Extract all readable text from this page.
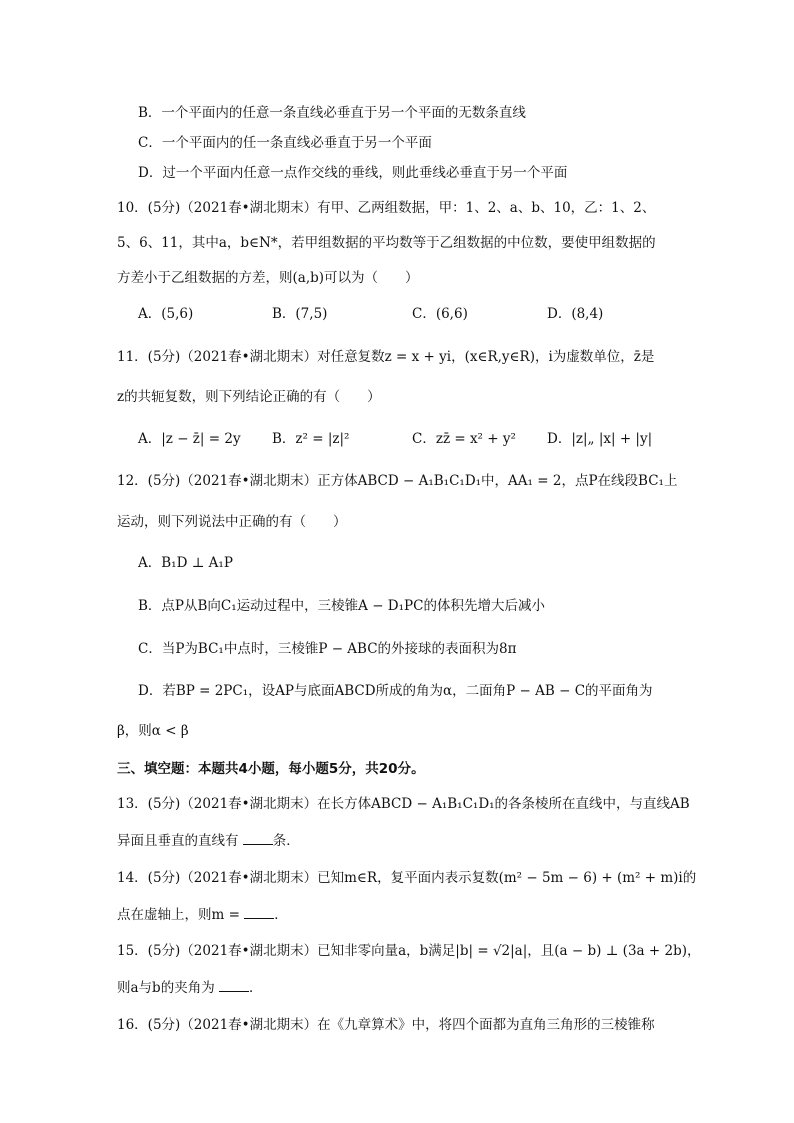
B．一个平面内的任意一条直线必垂直于另一个平面的无数条直线
C．一个平面内的任一条直线必垂直于另一个平面
D．过一个平面内任意一点作交线的垂线，则此垂线必垂直于另一个平面
10．(5分)（2021春•湖北期末）有甲、乙两组数据，甲：1、2、a、b、10，乙：1、2、
5、6、11，其中a，b∈N*，若甲组数据的平均数等于乙组数据的中位数，要使甲组数据的
方差小于乙组数据的方差，则(a,b)可以为（　　）
A．(5,6)	B．(7,5)	C．(6,6)	D．(8,4)
11．(5分)（2021春•湖北期末）对任意复数z = x + yi，(x∈R,y∈R)，i为虚数单位，z̄是
z的共轭复数，则下列结论正确的有（　　）
A．|z − z̄| = 2y B．z² = |z|²	C．zz̄ = x² + y² D．|z|„ |x| + |y|
12．(5分)（2021春•湖北期末）正方体ABCD − A₁B₁C₁D₁中，AA₁ = 2，点P在线段BC₁上
运动，则下列说法中正确的有（　　）
A．B₁D ⊥ A₁P
B．点P从B向C₁运动过程中，三棱锥A − D₁PC的体积先增大后减小
C．当P为BC₁中点时，三棱锥P − ABC的外接球的表面积为8π
D．若BP = 2PC₁，设AP与底面ABCD所成的角为α，二面角P − AB − C的平面角为
β，则α < β
三、填空题：本题共4小题，每小题5分，共20分。
13．(5分)（2021春•湖北期末）在长方体ABCD − A₁B₁C₁D₁的各条棱所在直线中，与直线AB
异面且垂直的直线有 条．
14．(5分)（2021春•湖北期末）已知m∈R，复平面内表示复数(m² − 5m − 6) + (m² + m)i的
点在虚轴上，则m = ．
15．(5分)（2021春•湖北期末）已知非零向量a，b满足|b| = √2|a|，且(a − b) ⊥ (3a + 2b)，
则a与b的夹角为 ．
16．(5分)（2021春•湖北期末）在《九章算术》中，将四个面都为直角三角形的三棱锥称
